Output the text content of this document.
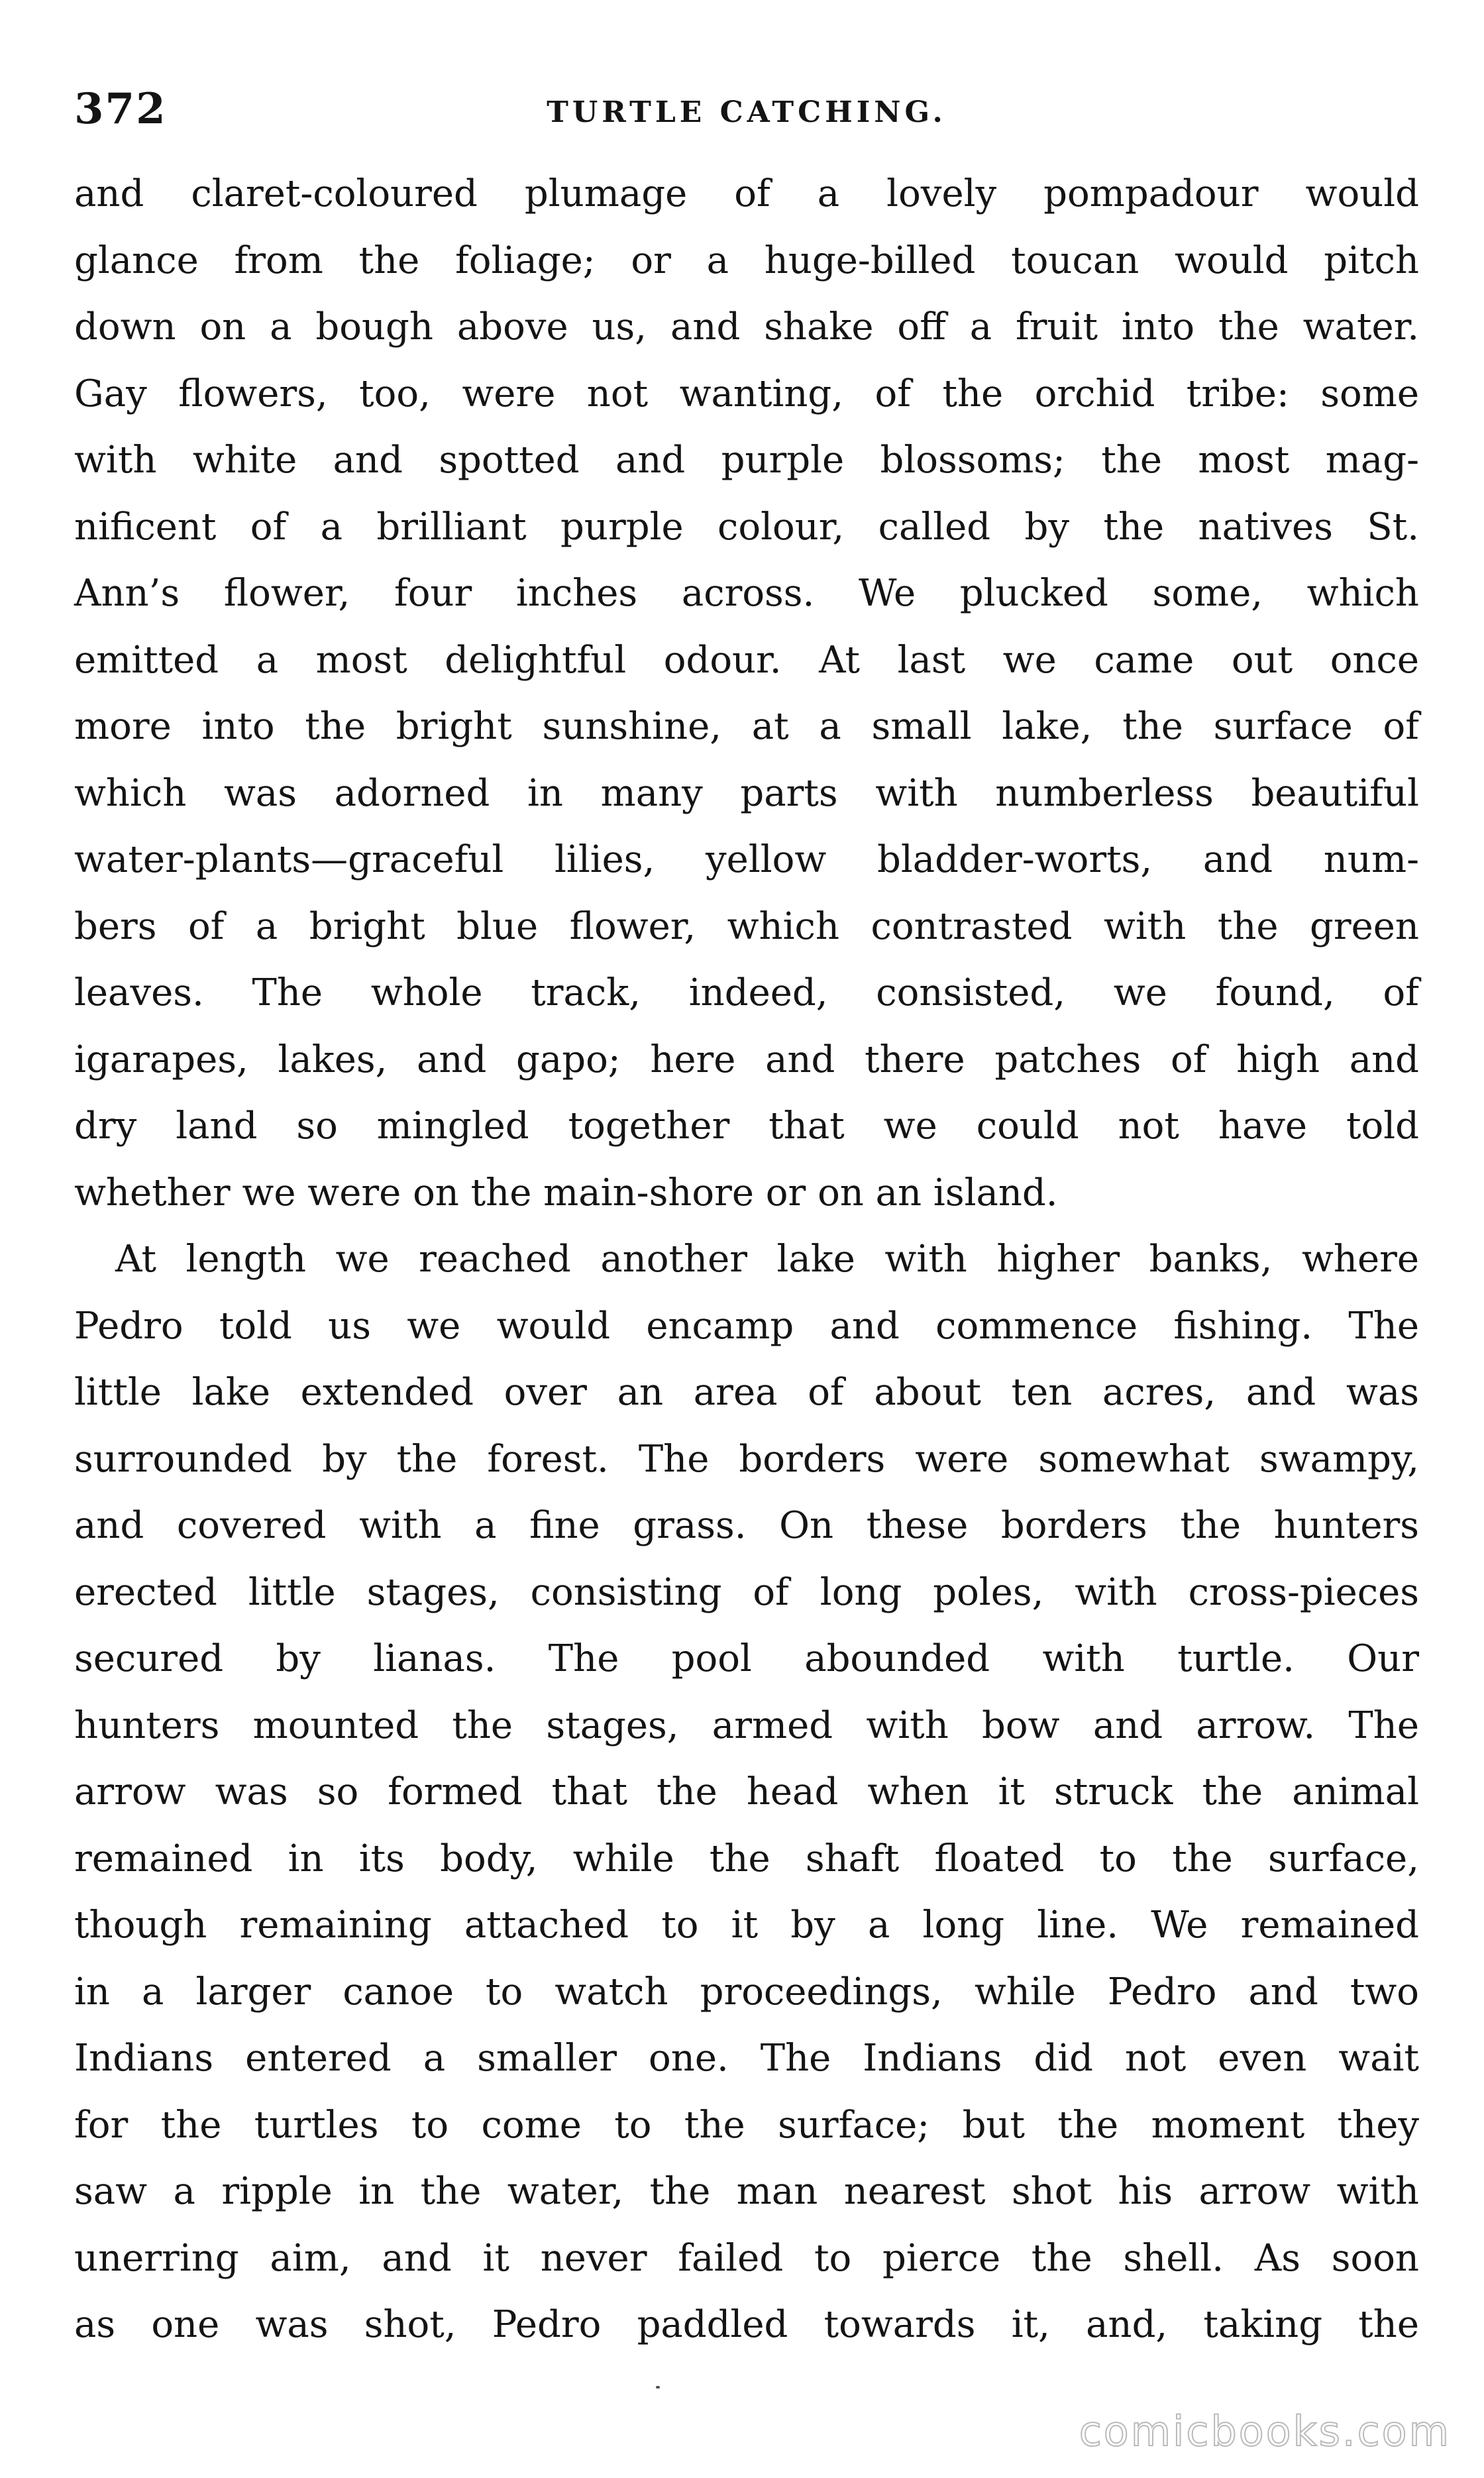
372	TURTLE CATCHING.
and claret-coloured plumage of a lovely pompadour would
glance from the foliage; or a huge-billed toucan would pitch
down on a bough above us, and shake off a fruit into the water.
Gay flowers, too, were not wanting, of the orchid tribe: some
with white and spotted and purple blossoms; the most mag-
nificent of a brilliant purple colour, called by the natives St.
Ann’s flower, four inches across. We plucked some, which
emitted a most delightful odour. At last we came out once
more into the bright sunshine, at a small lake, the surface of
which was adorned in many parts with numberless beautiful
water-plants—graceful lilies, yellow bladder-worts, and num-
bers of a bright blue flower, which contrasted with the green
leaves. The whole track, indeed, consisted, we found, of
igarapes, lakes, and gapo; here and there patches of high and
dry land so mingled together that we could not have told
whether we were on the main-shore or on an island.
At length we reached another lake with higher banks, where
Pedro told us we would encamp and commence fishing. The
little lake extended over an area of about ten acres, and was
surrounded by the forest. The borders were somewhat swampy,
and covered with a fine grass. On these borders the hunters
erected little stages, consisting of long poles, with cross-pieces
secured by lianas. The pool abounded with turtle. Our
hunters mounted the stages, armed with bow and arrow. The
arrow was so formed that the head when it struck the animal
remained in its body, while the shaft floated to the surface,
though remaining attached to it by a long line. We remained
in a larger canoe to watch proceedings, while Pedro and two
Indians entered a smaller one. The Indians did not even wait
for the turtles to come to the surface; but the moment they
saw a ripple in the water, the man nearest shot his arrow with
unerring aim, and it never failed to pierce the shell. As soon
as one was shot, Pedro paddled towards it, and, taking the
comicbooks.com
